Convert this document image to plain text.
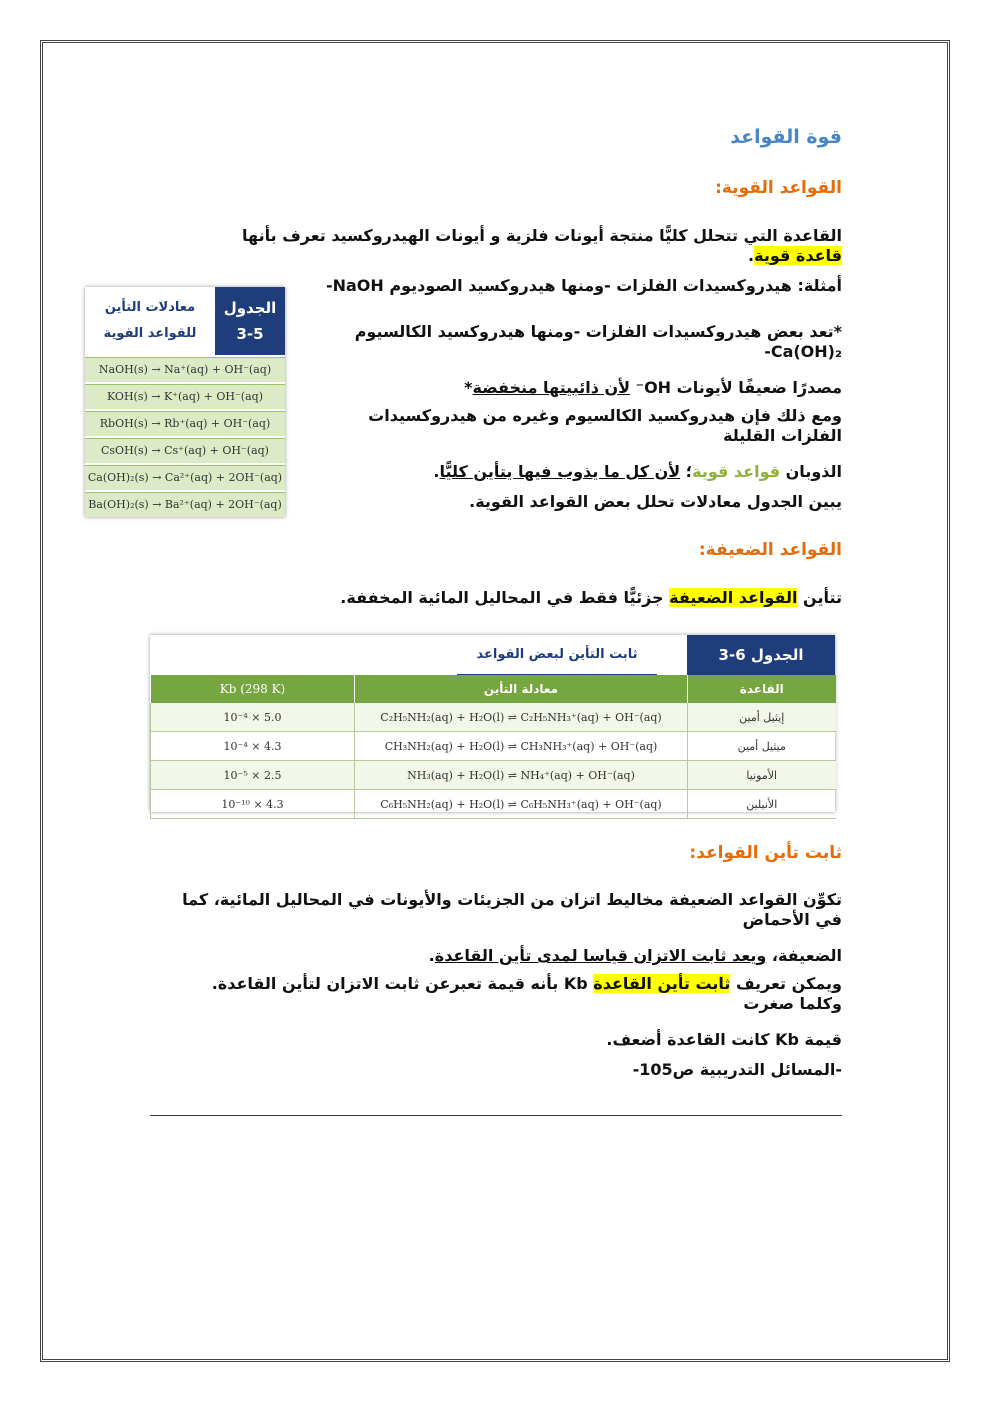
قوة القواعد
القواعد القوية:
القاعدة التي تتحلل كليًّا منتجة أيونات فلزية و أيونات الهيدروكسيد تعرف بأنها قاعدة قوية.
أمثلة: هيدروكسيدات الفلزات -ومنها هيدروكسيد الصوديوم NaOH-
*تعد بعض هيدروكسيدات الفلزات -ومنها هيدروكسيد الكالسيوم Ca(OH)₂-
مصدرًا ضعيفًا لأيونات OH⁻ لأن ذائبيتها منخفضة*
ومع ذلك فإن هيدروكسيد الكالسيوم وغيره من هيدروكسيدات الفلزات القليلة
الذوبان قواعد قوية؛ لأن كل ما يذوب فيها يتأين كليًّا.
يبين الجدول معادلات تحلل بعض القواعد القوية.
الجدول
3-5
معادلات التأين
للقواعد القوية
NaOH(s) → Na⁺(aq) + OH⁻(aq)
KOH(s) → K⁺(aq) + OH⁻(aq)
RbOH(s) → Rb⁺(aq) + OH⁻(aq)
CsOH(s) → Cs⁺(aq) + OH⁻(aq)
Ca(OH)₂(s) → Ca²⁺(aq) + 2OH⁻(aq)
Ba(OH)₂(s) → Ba²⁺(aq) + 2OH⁻(aq)
القواعد الضعيفة:
تتأين القواعد الضعيفة جزئيًّا فقط في المحاليل المائية المخففة.
الجدول 6-3
ثابت التأين لبعض القواعد
القاعدة	معادلة التأين	Kb (298 K)
إيثيل أمين	C₂H₅NH₂(aq) + H₂O(l) ⇌ C₂H₅NH₃⁺(aq) + OH⁻(aq)	5.0 × 10⁻⁴
ميثيل أمين	CH₃NH₂(aq) + H₂O(l) ⇌ CH₃NH₃⁺(aq) + OH⁻(aq)	4.3 × 10⁻⁴
الأمونيا	NH₃(aq) + H₂O(l) ⇌ NH₄⁺(aq) + OH⁻(aq)	2.5 × 10⁻⁵
الأنيلين	C₆H₅NH₂(aq) + H₂O(l) ⇌ C₆H₅NH₃⁺(aq) + OH⁻(aq)	4.3 × 10⁻¹⁰
ثابت تأين القواعد:
تكوِّن القواعد الضعيفة مخاليط اتزان من الجزيئات والأيونات في المحاليل المائية، كما في الأحماض
الضعيفة، ويعد ثابت الاتزان قياسا لمدى تأين القاعدة.
ويمكن تعريف ثابت تأين القاعدة Kb بأنه قيمة تعبرعن ثابت الاتزان لتأين القاعدة. وكلما صغرت
قيمة Kb كانت القاعدة أضعف.
-المسائل التدريبية ص105-
